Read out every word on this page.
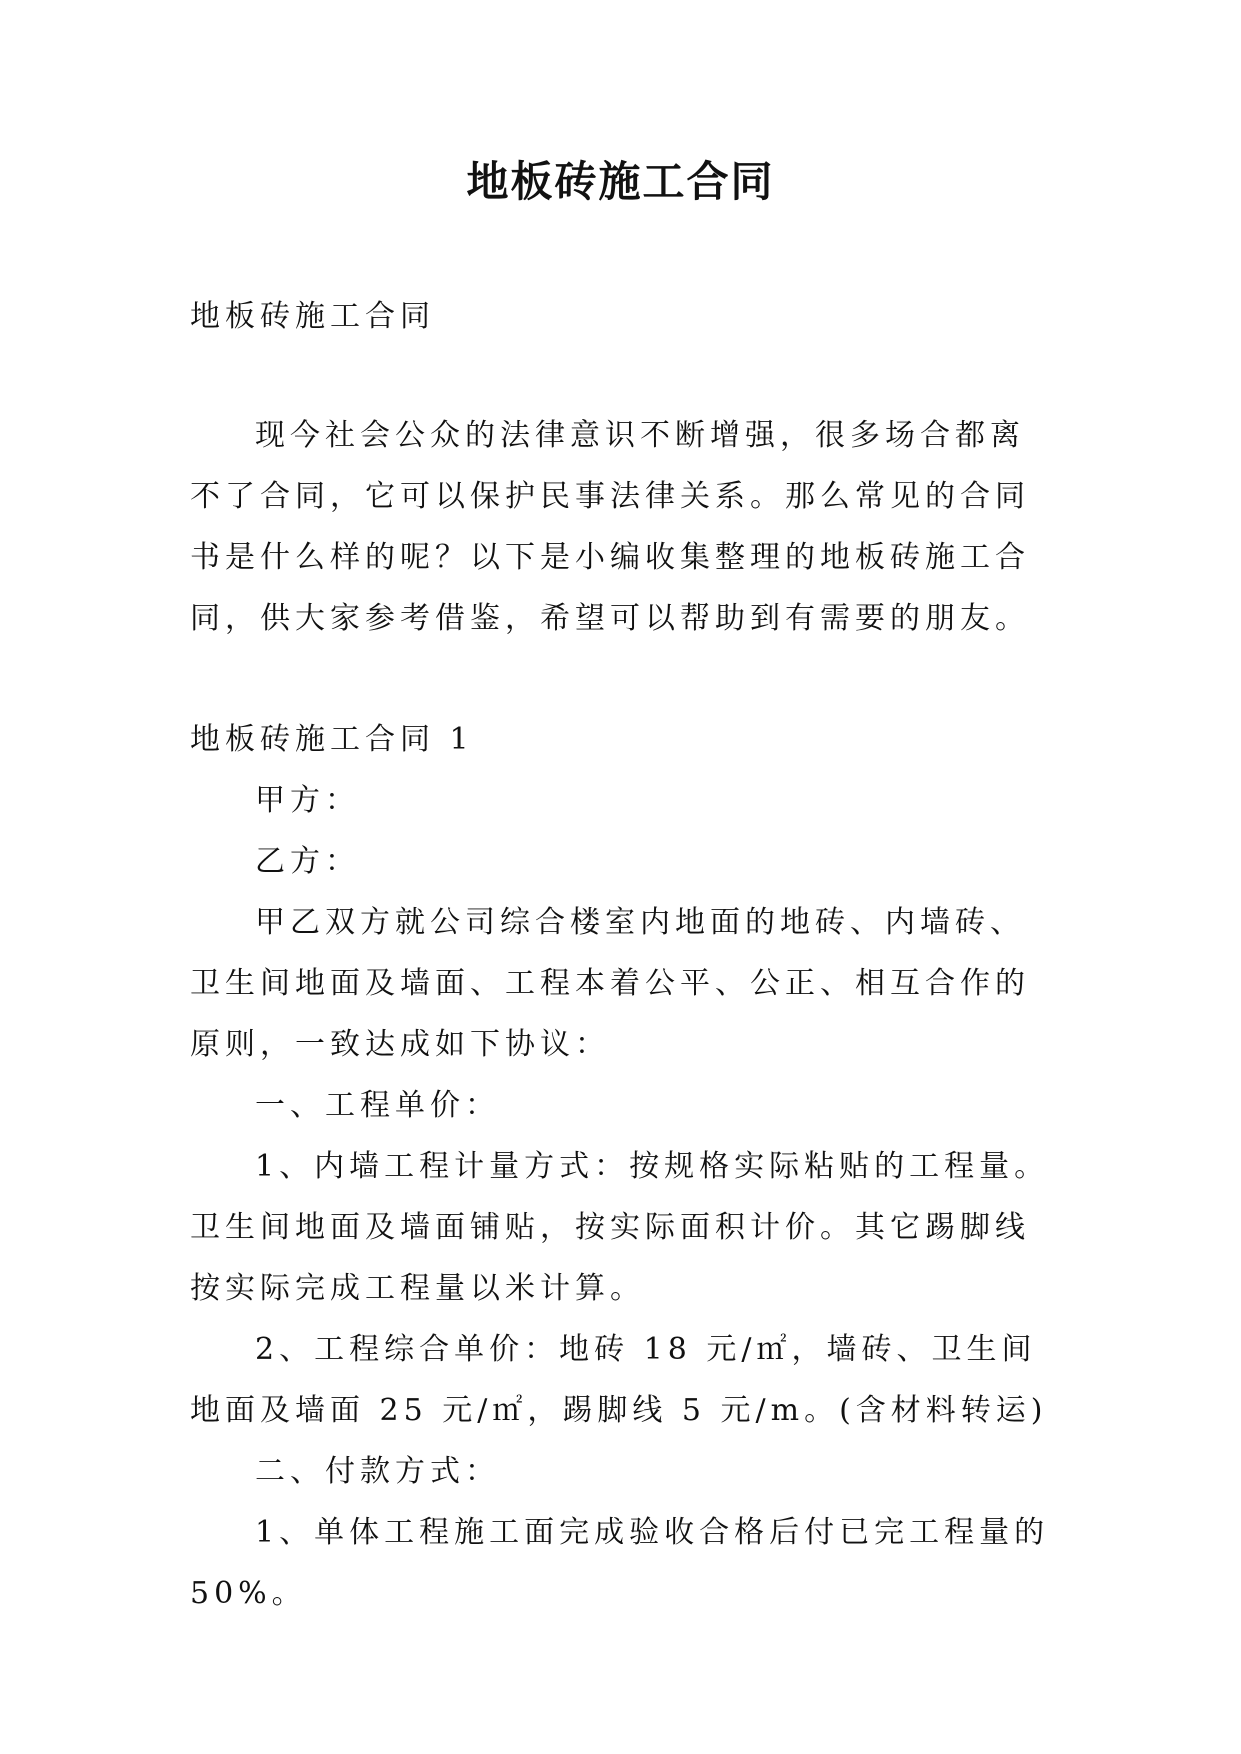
地板砖施工合同

地板砖施工合同

现今社会公众的法律意识不断增强，很多场合都离不了合同，它可以保护民事法律关系。那么常见的合同书是什么样的呢？以下是小编收集整理的地板砖施工合同，供大家参考借鉴，希望可以帮助到有需要的朋友。

地板砖施工合同 1

甲方：

乙方：

甲乙双方就公司综合楼室内地面的地砖、内墙砖、卫生间地面及墙面、工程本着公平、公正、相互合作的原则，一致达成如下协议：

一、工程单价：

1、内墙工程计量方式：按规格实际粘贴的工程量。卫生间地面及墙面铺贴，按实际面积计价。其它踢脚线按实际完成工程量以米计算。

2、工程综合单价：地砖 18 元/㎡，墙砖、卫生间地面及墙面 25 元/㎡，踢脚线 5 元/m。(含材料转运)

二、付款方式：

1、单体工程施工面完成验收合格后付已完工程量的 50%。
